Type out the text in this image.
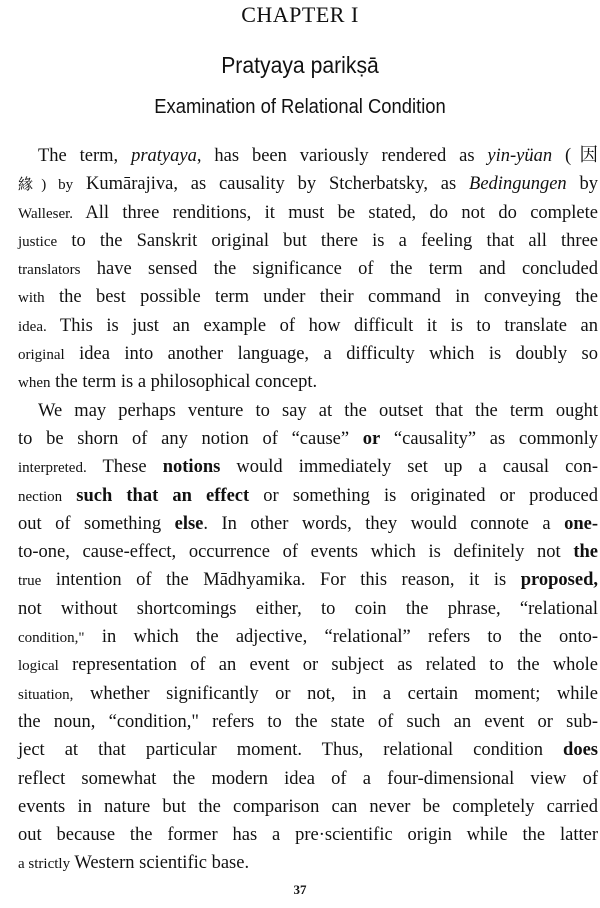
CHAPTER I
Pratyaya parikṣā
Examination of Relational Condition
The term, pratyaya, has been variously rendered as yin-yüan (因
緣) by Kumārajiva, as causality by Stcherbatsky, as Bedingungen by
Walleser. All three renditions, it must be stated, do not do complete
justice to the Sanskrit original but there is a feeling that all three
translators have sensed the significance of the term and concluded
with the best possible term under their command in conveying the
idea. This is just an example of how difficult it is to translate an
original idea into another language, a difficulty which is doubly so
when the term is a philosophical concept.
We may perhaps venture to say at the outset that the term ought
to be shorn of any notion of “cause” or “causality” as commonly
interpreted. These notions would immediately set up a causal con-
nection such that an effect or something is originated or produced
out of something else. In other words, they would connote a one-
to-one, cause-effect, occurrence of events which is definitely not the
true intention of the Mādhyamika. For this reason, it is proposed,
not without shortcomings either, to coin the phrase, “relational
condition," in which the adjective, “relational” refers to the onto-
logical representation of an event or subject as related to the whole
situation, whether significantly or not, in a certain moment; while
the noun, “condition," refers to the state of such an event or sub-
ject at that particular moment. Thus, relational condition does
reflect somewhat the modern idea of a four-dimensional view of
events in nature but the comparison can never be completely carried
out because the former has a pre·scientific origin while the latter
a strictly Western scientific base.
37
